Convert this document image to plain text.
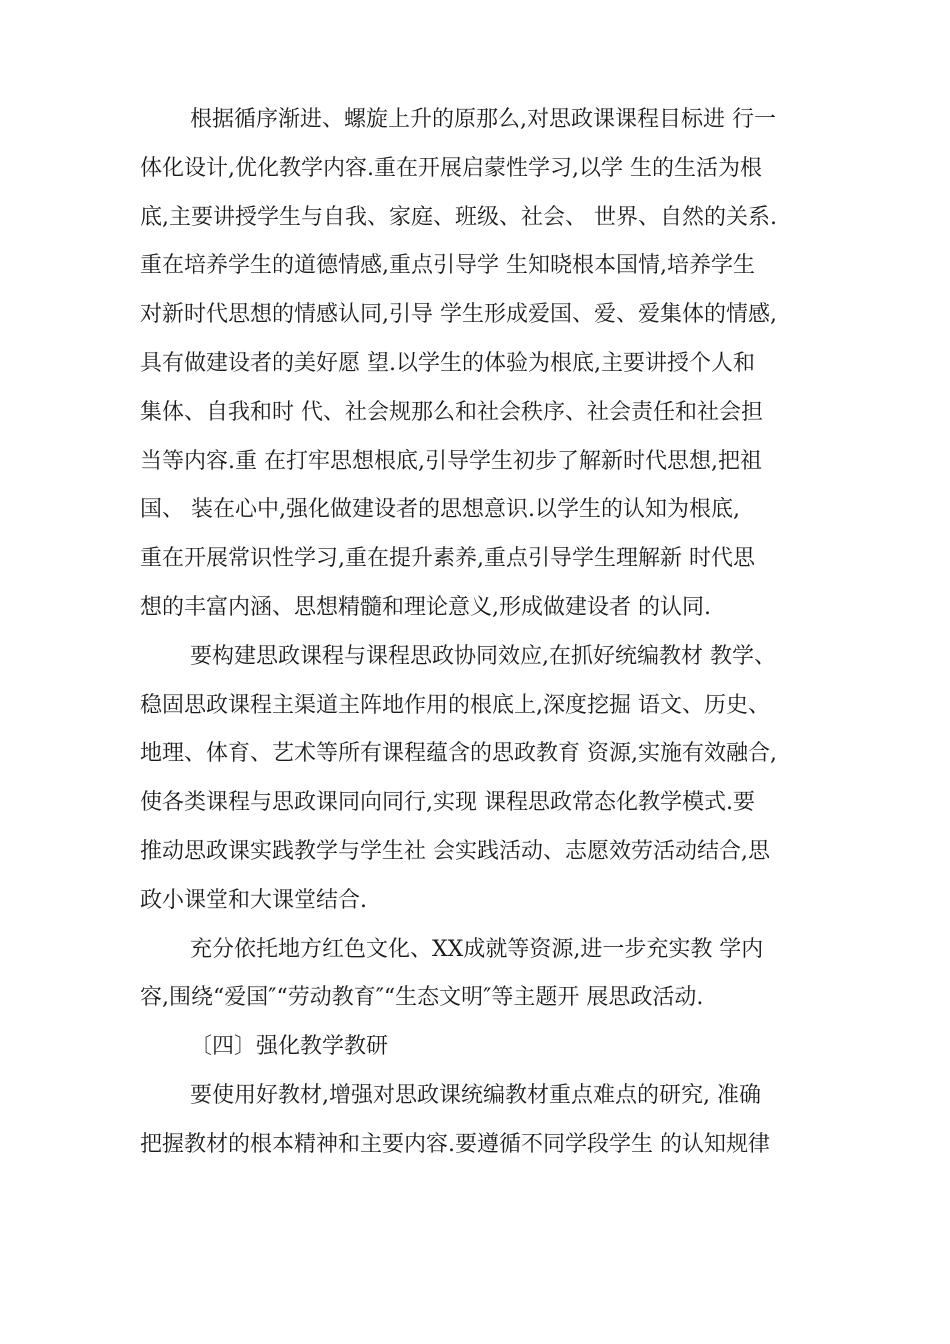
根据循序渐进、螺旋上升的原那么,对思政课课程目标进 行一
体化设计,优化教学内容.重在开展启蒙性学习,以学 生的生活为根
底,主要讲授学生与自我、家庭、班级、社会、 世界、自然的关系.
重在培养学生的道德情感,重点引导学 生知晓根本国情,培养学生
对新时代思想的情感认同,引导 学生形成爱国、爱、爱集体的情感,
具有做建设者的美好愿 望.以学生的体验为根底,主要讲授个人和
集体、自我和时 代、社会规那么和社会秩序、社会责任和社会担
当等内容.重 在打牢思想根底,引导学生初步了解新时代思想,把祖
国、 装在心中,强化做建设者的思想意识.以学生的认知为根底,
重在开展常识性学习,重在提升素养,重点引导学生理解新 时代思
想的丰富内涵、思想精髓和理论意义,形成做建设者 的认同.
要构建思政课程与课程思政协同效应,在抓好统编教材 教学、
稳固思政课程主渠道主阵地作用的根底上,深度挖掘 语文、历史、
地理、体育、艺术等所有课程蕴含的思政教育 资源,实施有效融合,
使各类课程与思政课同向同行,实现 课程思政常态化教学模式.要
推动思政课实践教学与学生社 会实践活动、志愿效劳活动结合,思
政小课堂和大课堂结合.
充分依托地方红色文化、XX成就等资源,进一步充实教 学内
容,围绕“爱国″“劳动教育″“生态文明″等主题开 展思政活动.
〔四〕强化教学教研
要使用好教材,增强对思政课统编教材重点难点的研究, 准确
把握教材的根本精神和主要内容.要遵循不同学段学生 的认知规律
